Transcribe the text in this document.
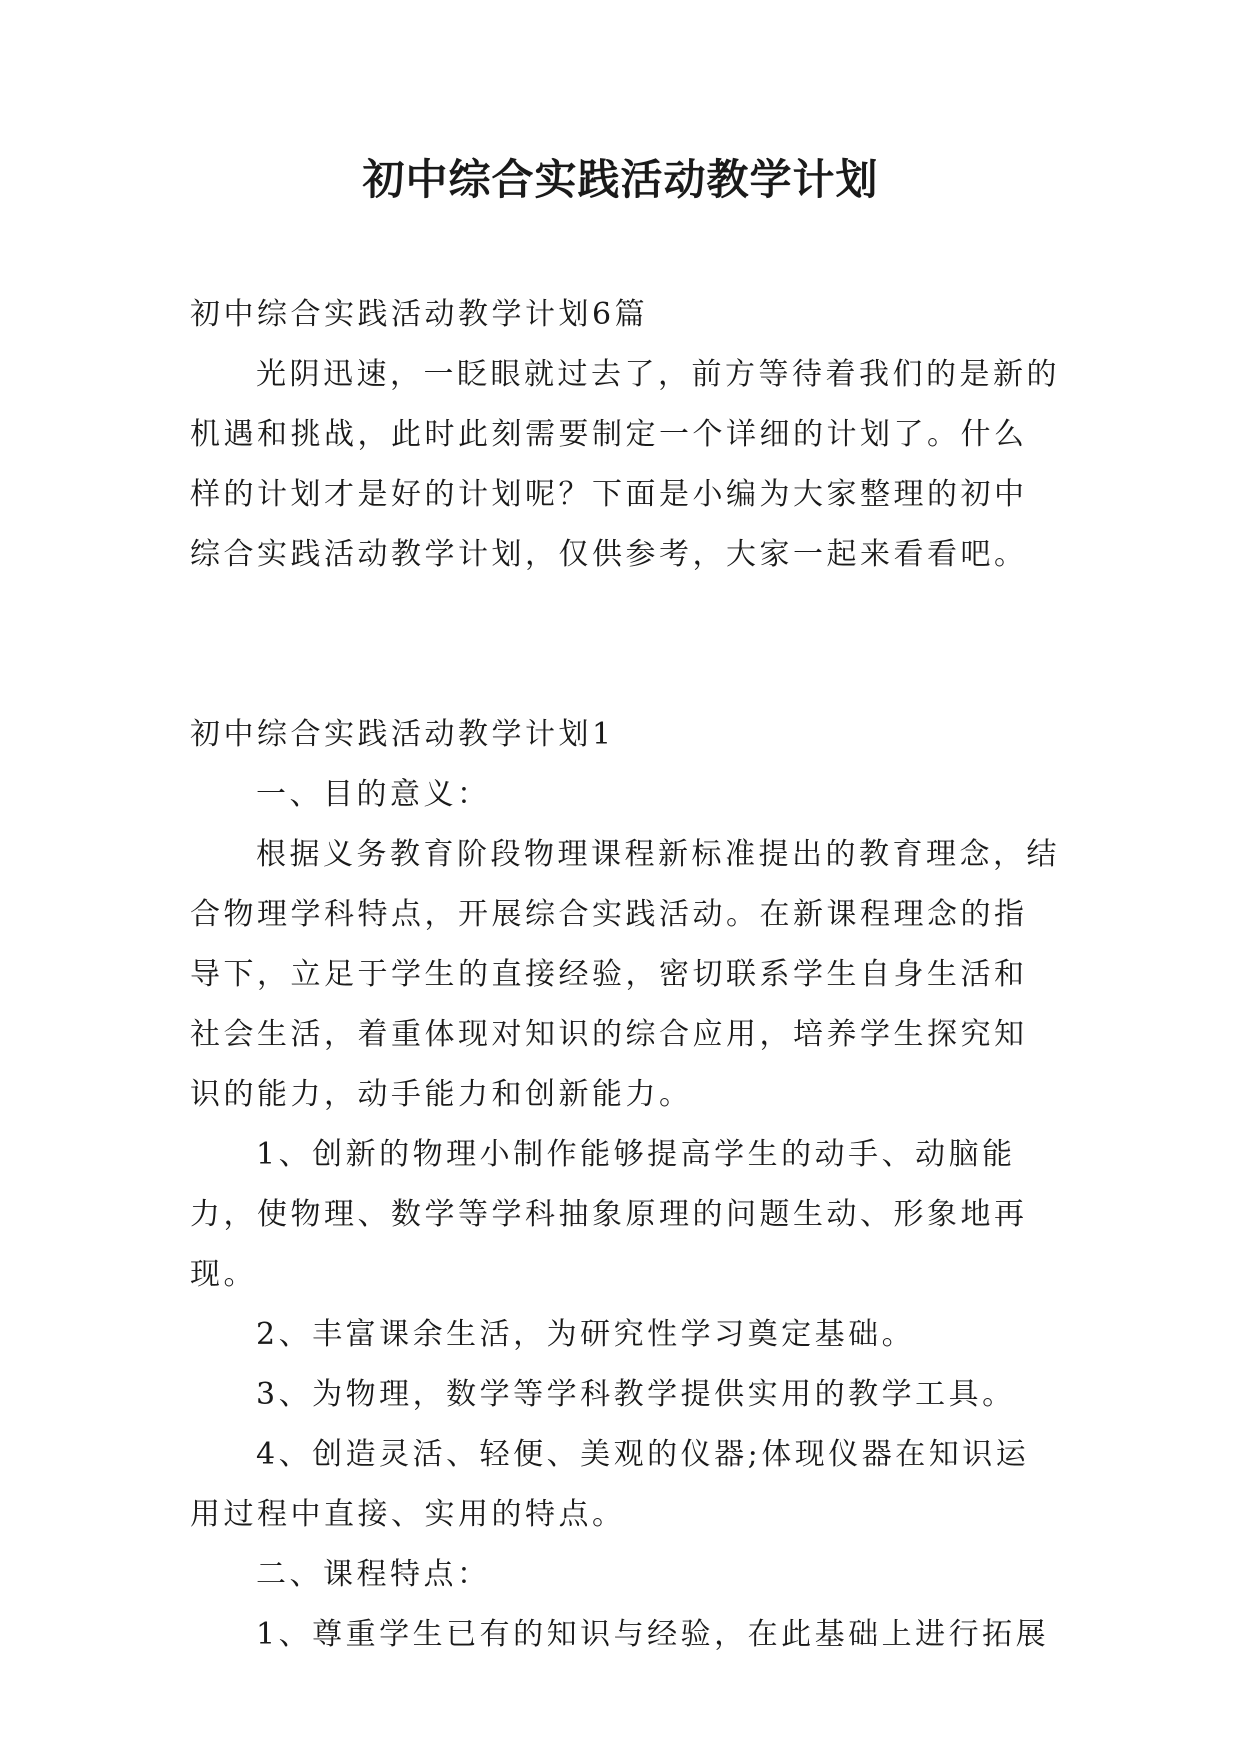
初中综合实践活动教学计划

初中综合实践活动教学计划6篇

光阴迅速，一眨眼就过去了，前方等待着我们的是新的机遇和挑战，此时此刻需要制定一个详细的计划了。什么样的计划才是好的计划呢？下面是小编为大家整理的初中综合实践活动教学计划，仅供参考，大家一起来看看吧。

初中综合实践活动教学计划1

一、目的意义：

根据义务教育阶段物理课程新标准提出的教育理念，结合物理学科特点，开展综合实践活动。在新课程理念的指导下，立足于学生的直接经验，密切联系学生自身生活和社会生活，着重体现对知识的综合应用，培养学生探究知识的能力，动手能力和创新能力。

1、创新的物理小制作能够提高学生的动手、动脑能力，使物理、数学等学科抽象原理的问题生动、形象地再现。

2、丰富课余生活，为研究性学习奠定基础。

3、为物理，数学等学科教学提供实用的教学工具。

4、创造灵活、轻便、美观的仪器;体现仪器在知识运用过程中直接、实用的特点。

二、课程特点：

1、尊重学生已有的知识与经验，在此基础上进行拓展
